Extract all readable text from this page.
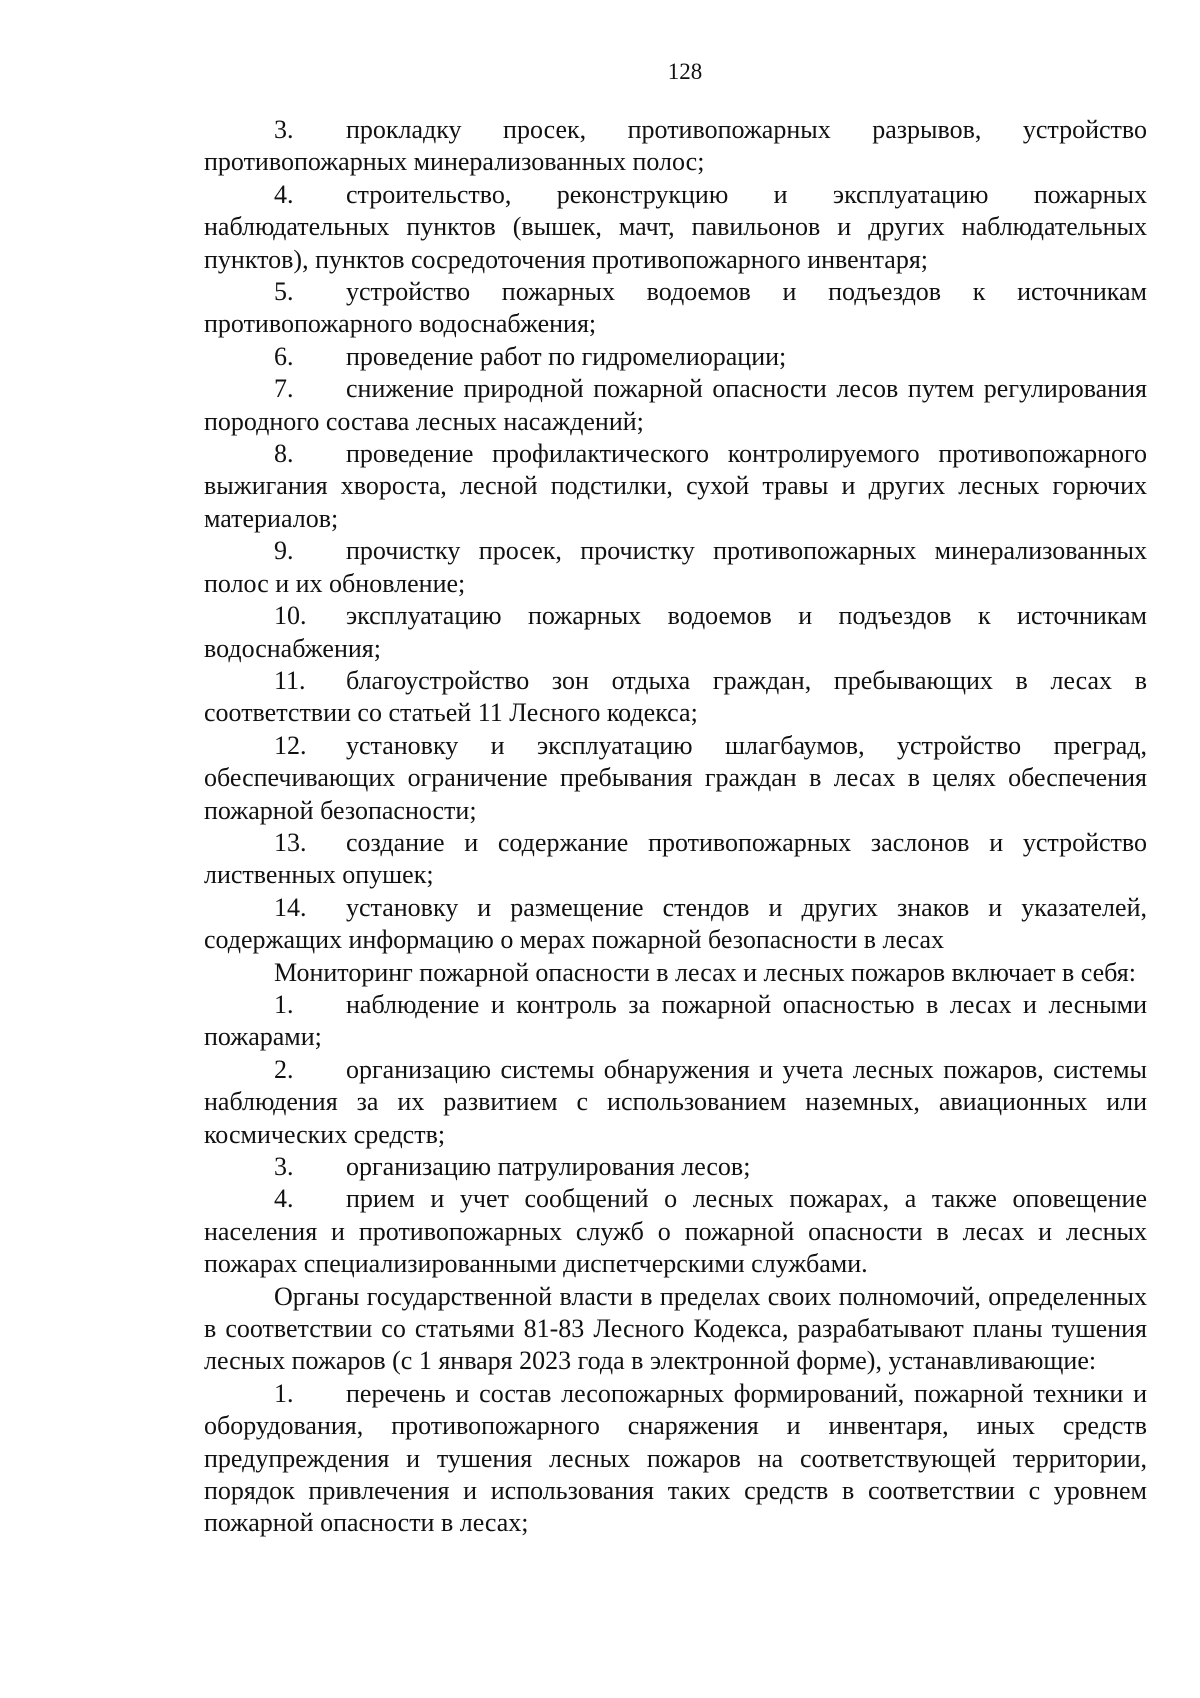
128

3. прокладку просек, противопожарных разрывов, устройство противопожарных минерализованных полос;

4. строительство, реконструкцию и эксплуатацию пожарных наблюдательных пунктов (вышек, мачт, павильонов и других наблюдательных пунктов), пунктов сосредоточения противопожарного инвентаря;

5. устройство пожарных водоемов и подъездов к источникам противопожарного водоснабжения;

6. проведение работ по гидромелиорации;

7. снижение природной пожарной опасности лесов путем регулирования породного состава лесных насаждений;

8. проведение профилактического контролируемого противопожарного выжигания хвороста, лесной подстилки, сухой травы и других лесных горючих материалов;

9. прочистку просек, прочистку противопожарных минерализованных полос и их обновление;

10. эксплуатацию пожарных водоемов и подъездов к источникам водоснабжения;

11. благоустройство зон отдыха граждан, пребывающих в лесах в соответствии со статьей 11 Лесного кодекса;

12. установку и эксплуатацию шлагбаумов, устройство преград, обеспечивающих ограничение пребывания граждан в лесах в целях обеспечения пожарной безопасности;

13. создание и содержание противопожарных заслонов и устройство лиственных опушек;

14. установку и размещение стендов и других знаков и указателей, содержащих информацию о мерах пожарной безопасности в лесах

Мониторинг пожарной опасности в лесах и лесных пожаров включает в себя:

1. наблюдение и контроль за пожарной опасностью в лесах и лесными пожарами;

2. организацию системы обнаружения и учета лесных пожаров, системы наблюдения за их развитием с использованием наземных, авиационных или космических средств;

3. организацию патрулирования лесов;

4. прием и учет сообщений о лесных пожарах, а также оповещение населения и противопожарных служб о пожарной опасности в лесах и лесных пожарах специализированными диспетчерскими службами.

Органы государственной власти в пределах своих полномочий, определенных в соответствии со статьями 81-83 Лесного Кодекса, разрабатывают планы тушения лесных пожаров (с 1 января 2023 года в электронной форме), устанавливающие:

1. перечень и состав лесопожарных формирований, пожарной техники и оборудования, противопожарного снаряжения и инвентаря, иных средств предупреждения и тушения лесных пожаров на соответствующей территории, порядок привлечения и использования таких средств в соответствии с уровнем пожарной опасности в лесах;
